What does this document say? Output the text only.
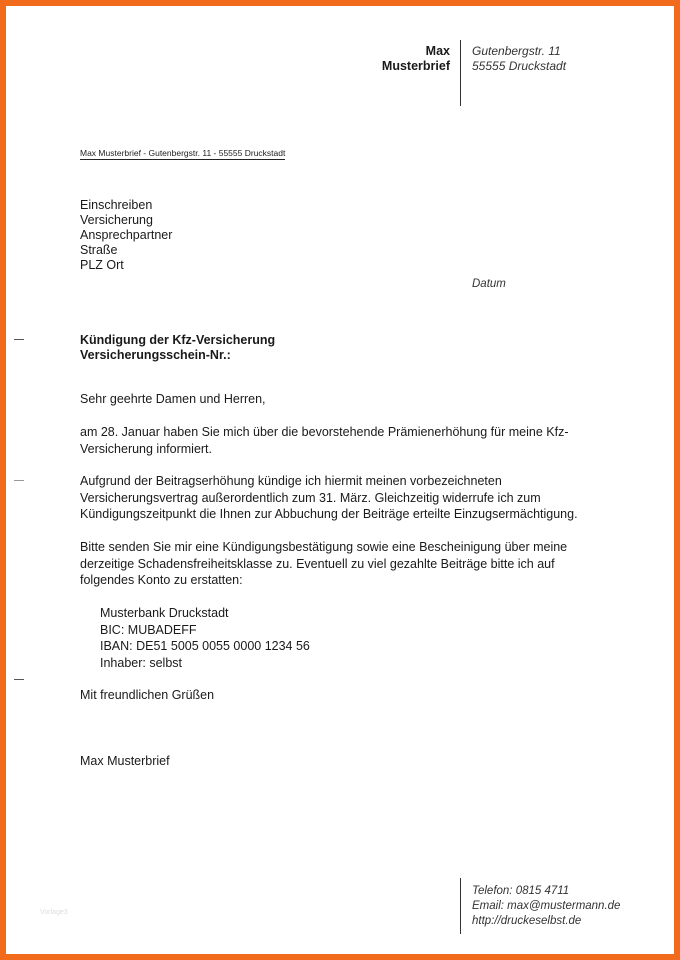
Max
Musterbrief
Gutenbergstr. 11
55555 Druckstadt
Max Musterbrief - Gutenbergstr. 11 - 55555 Druckstadt
Einschreiben
Versicherung
Ansprechpartner
Straße
PLZ Ort
Datum
Kündigung der Kfz-Versicherung
Versicherungsschein-Nr.:
Sehr geehrte Damen und Herren,
am 28. Januar haben Sie mich über die bevorstehende Prämienerhöhung für meine Kfz-Versicherung informiert.
Aufgrund der Beitragserhöhung kündige ich hiermit meinen vorbezeichneten Versicherungsvertrag außerordentlich zum 31. März. Gleichzeitig widerrufe ich zum Kündigungszeitpunkt die Ihnen zur Abbuchung der Beiträge erteilte Einzugsermächtigung.
Bitte senden Sie mir eine Kündigungsbestätigung sowie eine Bescheinigung über meine derzeitige Schadensfreiheitsklasse zu. Eventuell zu viel gezahlte Beiträge bitte ich auf folgendes Konto zu erstatten:
Musterbank Druckstadt
BIC: MUBADEFF
IBAN: DE51 5005 0055 0000 1234 56
Inhaber: selbst
Mit freundlichen Grüßen
Max Musterbrief
Vorlage3
Telefon: 0815 4711
Email: max@mustermann.de
http://druckeselbst.de
